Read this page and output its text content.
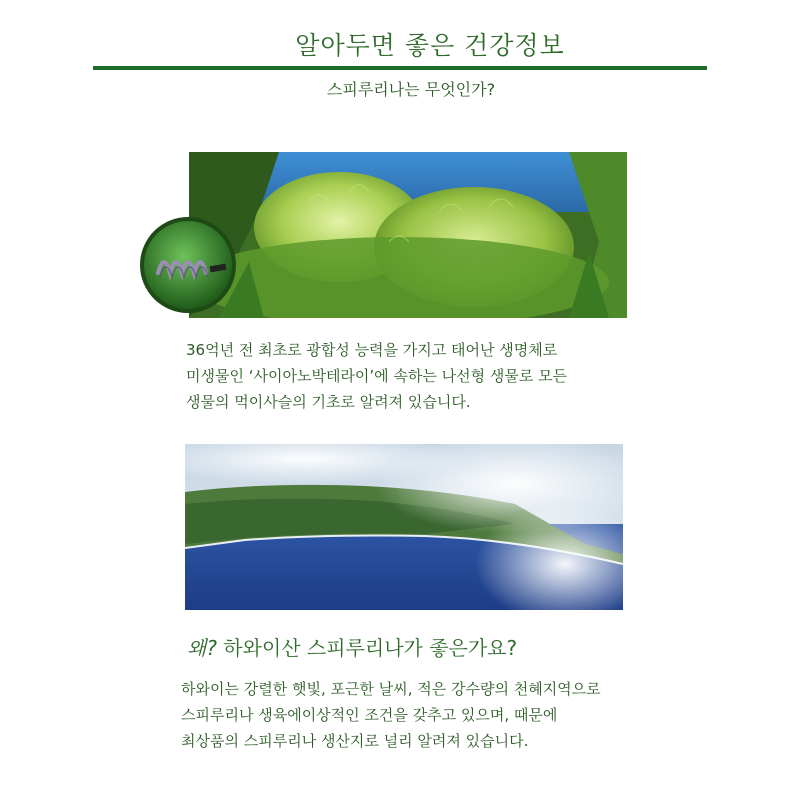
알아두면 좋은 건강정보
스피루리나는 무엇인가?

36억년 전 최초로 광합성 능력을 가지고 태어난 생명체로
미생물인 ‘사이아노박테라이’에 속하는 나선형 생물로 모든
생물의 먹이사슬의 기초로 알려져 있습니다.

왜? 하와이산 스피루리나가 좋은가요?

하와이는 강렬한 햇빛, 포근한 날씨, 적은 강수량의 천혜지역으로
스피루리나 생육에이상적인 조건을 갖추고 있으며, 때문에
최상품의 스피루리나 생산지로 널리 알려져 있습니다.
